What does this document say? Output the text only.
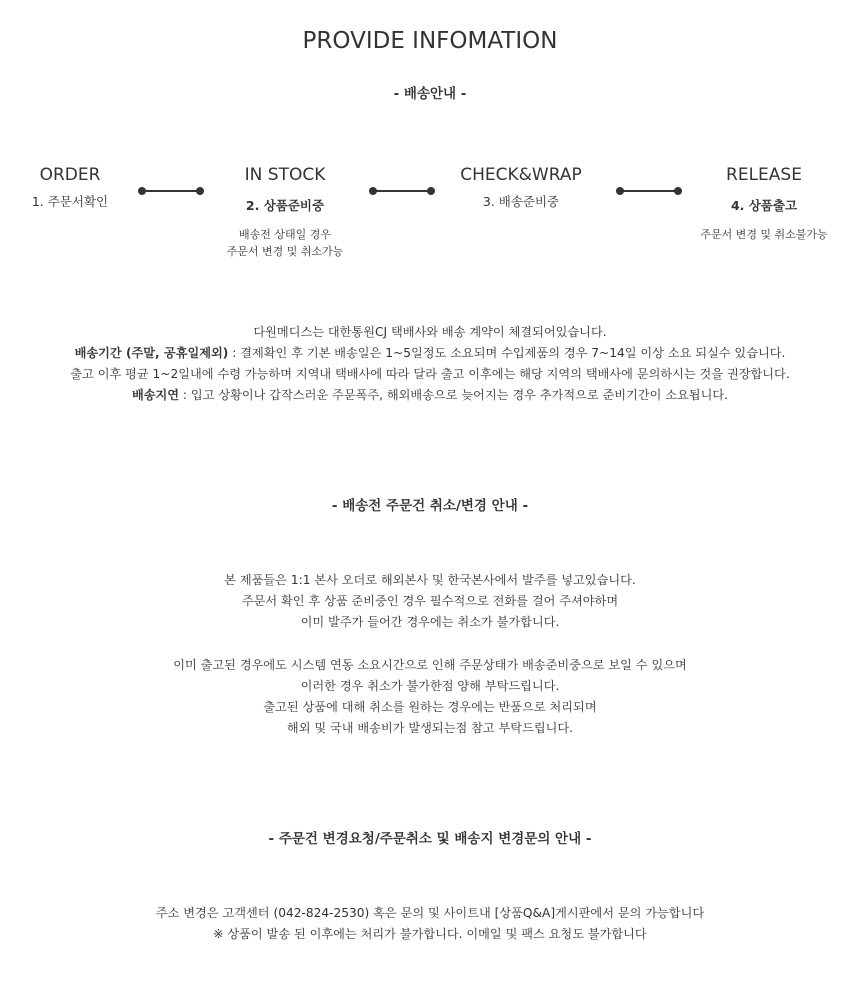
PROVIDE INFOMATION
- 배송안내 -
ORDER
1. 주문서확인
IN STOCK
2. 상품준비중
배송전 상태일 경우
주문서 변경 및 취소가능
CHECK&WRAP
3. 배송준비중
RELEASE
4. 상품출고
주문서 변경 및 취소불가능
다원메디스는 대한통원CJ 택배사와 배송 계약이 체결되어있습니다.
배송기간 (주말, 공휴일제외) : 결제확인 후 기본 배송일은 1~5일정도 소요되며 수입제품의 경우 7~14일 이상 소요 되실수 있습니다.
출고 이후 평균 1~2일내에 수령 가능하며 지역내 택배사에 따라 달라 출고 이후에는 해당 지역의 택배사에 문의하시는 것을 권장합니다.
배송지연 : 입고 상황이나 갑작스러운 주문폭주, 해외배송으로 늦어지는 경우 추가적으로 준비기간이 소요됩니다.
- 배송전 주문건 취소/변경 안내 -
본 제품들은 1:1 본사 오더로 해외본사 및 한국본사에서 발주를 넣고있습니다.
주문서 확인 후 상품 준비중인 경우 필수적으로 전화를 걸어 주셔야하며
이미 발주가 들어간 경우에는 취소가 불가합니다.
이미 출고된 경우에도 시스템 연동 소요시간으로 인해 주문상태가 배송준비중으로 보일 수 있으며
이러한 경우 취소가 불가한점 양해 부탁드립니다.
출고된 상품에 대해 취소를 원하는 경우에는 반품으로 처리되며
해외 및 국내 배송비가 발생되는점 참고 부탁드립니다.
- 주문건 변경요청/주문취소 및 배송지 변경문의 안내 -
주소 변경은 고객센터 (042-824-2530) 혹은 문의 및 사이트내 [상품Q&A]게시판에서 문의 가능합니다
※ 상품이 발송 된 이후에는 처리가 불가합니다. 이메일 및 팩스 요청도 불가합니다
